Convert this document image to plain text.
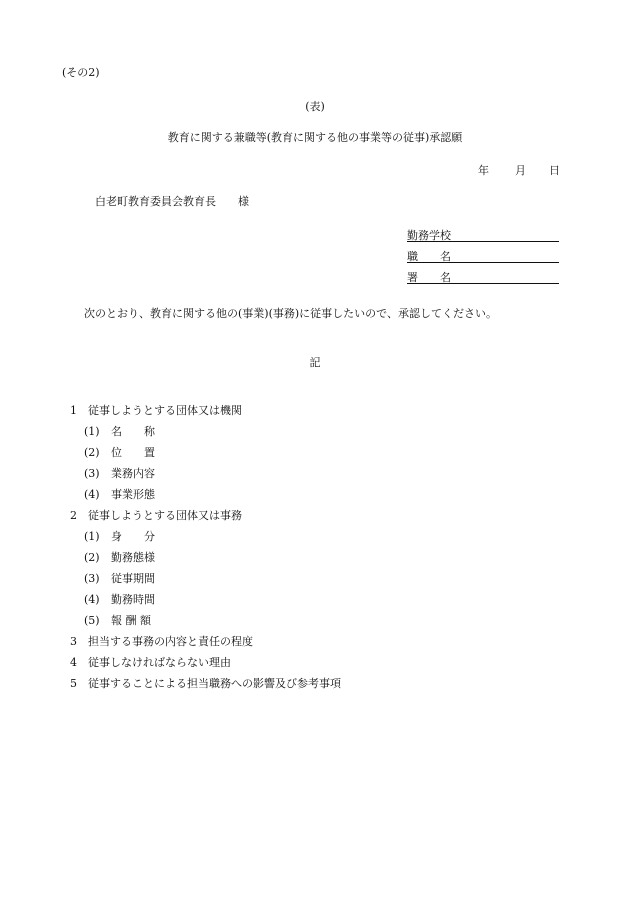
(その2)
(表)
教育に関する兼職等(教育に関する他の事業等の従事)承認願
年 月 日
白老町教育委員会教育長　　様
勤務学校
職　　名
署　　名
次のとおり、教育に関する他の(事業)(事務)に従事したいので、承認してください。
記
1 従事しようとする団体又は機関
(1) 名　　称
(2) 位　　置
(3) 業務内容
(4) 事業形態
2 従事しようとする団体又は事務
(1) 身　　分
(2) 勤務態様
(3) 従事期間
(4) 勤務時間
(5) 報 酬 額
3 担当する事務の内容と責任の程度
4 従事しなければならない理由
5 従事することによる担当職務への影響及び参考事項
